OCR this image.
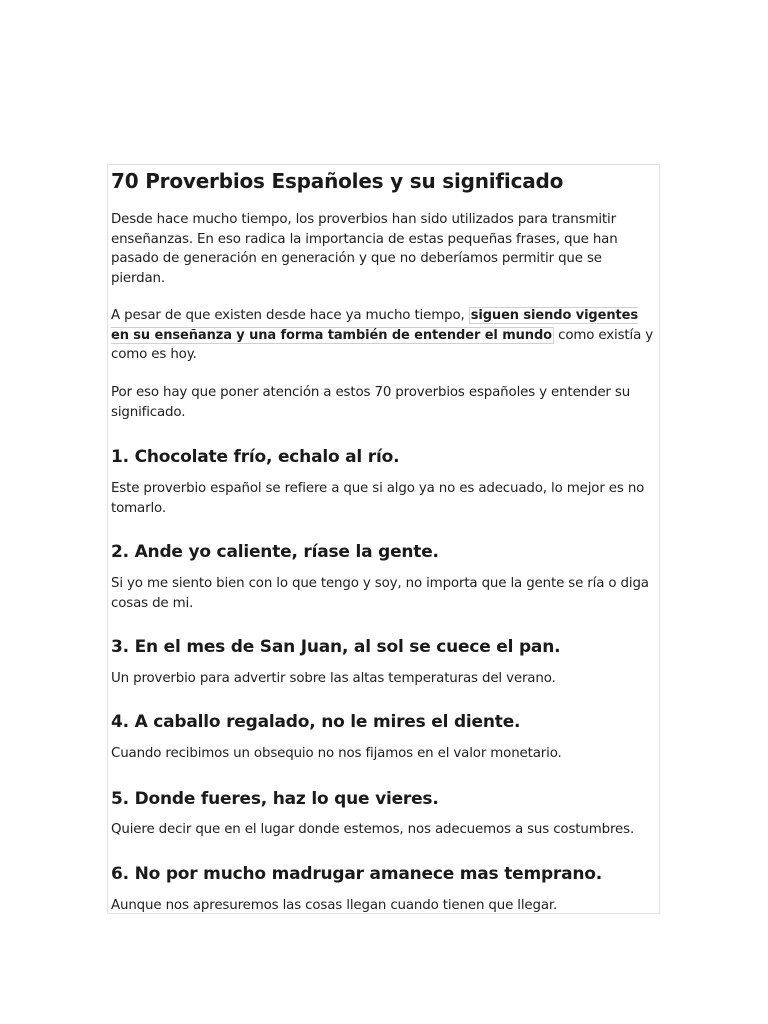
70 Proverbios Españoles y su significado

Desde hace mucho tiempo, los proverbios han sido utilizados para transmitir enseñanzas. En eso radica la importancia de estas pequeñas frases, que han pasado de generación en generación y que no deberíamos permitir que se pierdan.

A pesar de que existen desde hace ya mucho tiempo, siguen siendo vigentes en su enseñanza y una forma también de entender el mundo como existía y como es hoy.

Por eso hay que poner atención a estos 70 proverbios españoles y entender su significado.

1. Chocolate frío, echalo al río.

Este proverbio español se refiere a que si algo ya no es adecuado, lo mejor es no tomarlo.

2. Ande yo caliente, ríase la gente.

Si yo me siento bien con lo que tengo y soy, no importa que la gente se ría o diga cosas de mi.

3. En el mes de San Juan, al sol se cuece el pan.

Un proverbio para advertir sobre las altas temperaturas del verano.

4. A caballo regalado, no le mires el diente.

Cuando recibimos un obsequio no nos fijamos en el valor monetario.

5. Donde fueres, haz lo que vieres.

Quiere decir que en el lugar donde estemos, nos adecuemos a sus costumbres.

6. No por mucho madrugar amanece mas temprano.

Aunque nos apresuremos las cosas llegan cuando tienen que llegar.
